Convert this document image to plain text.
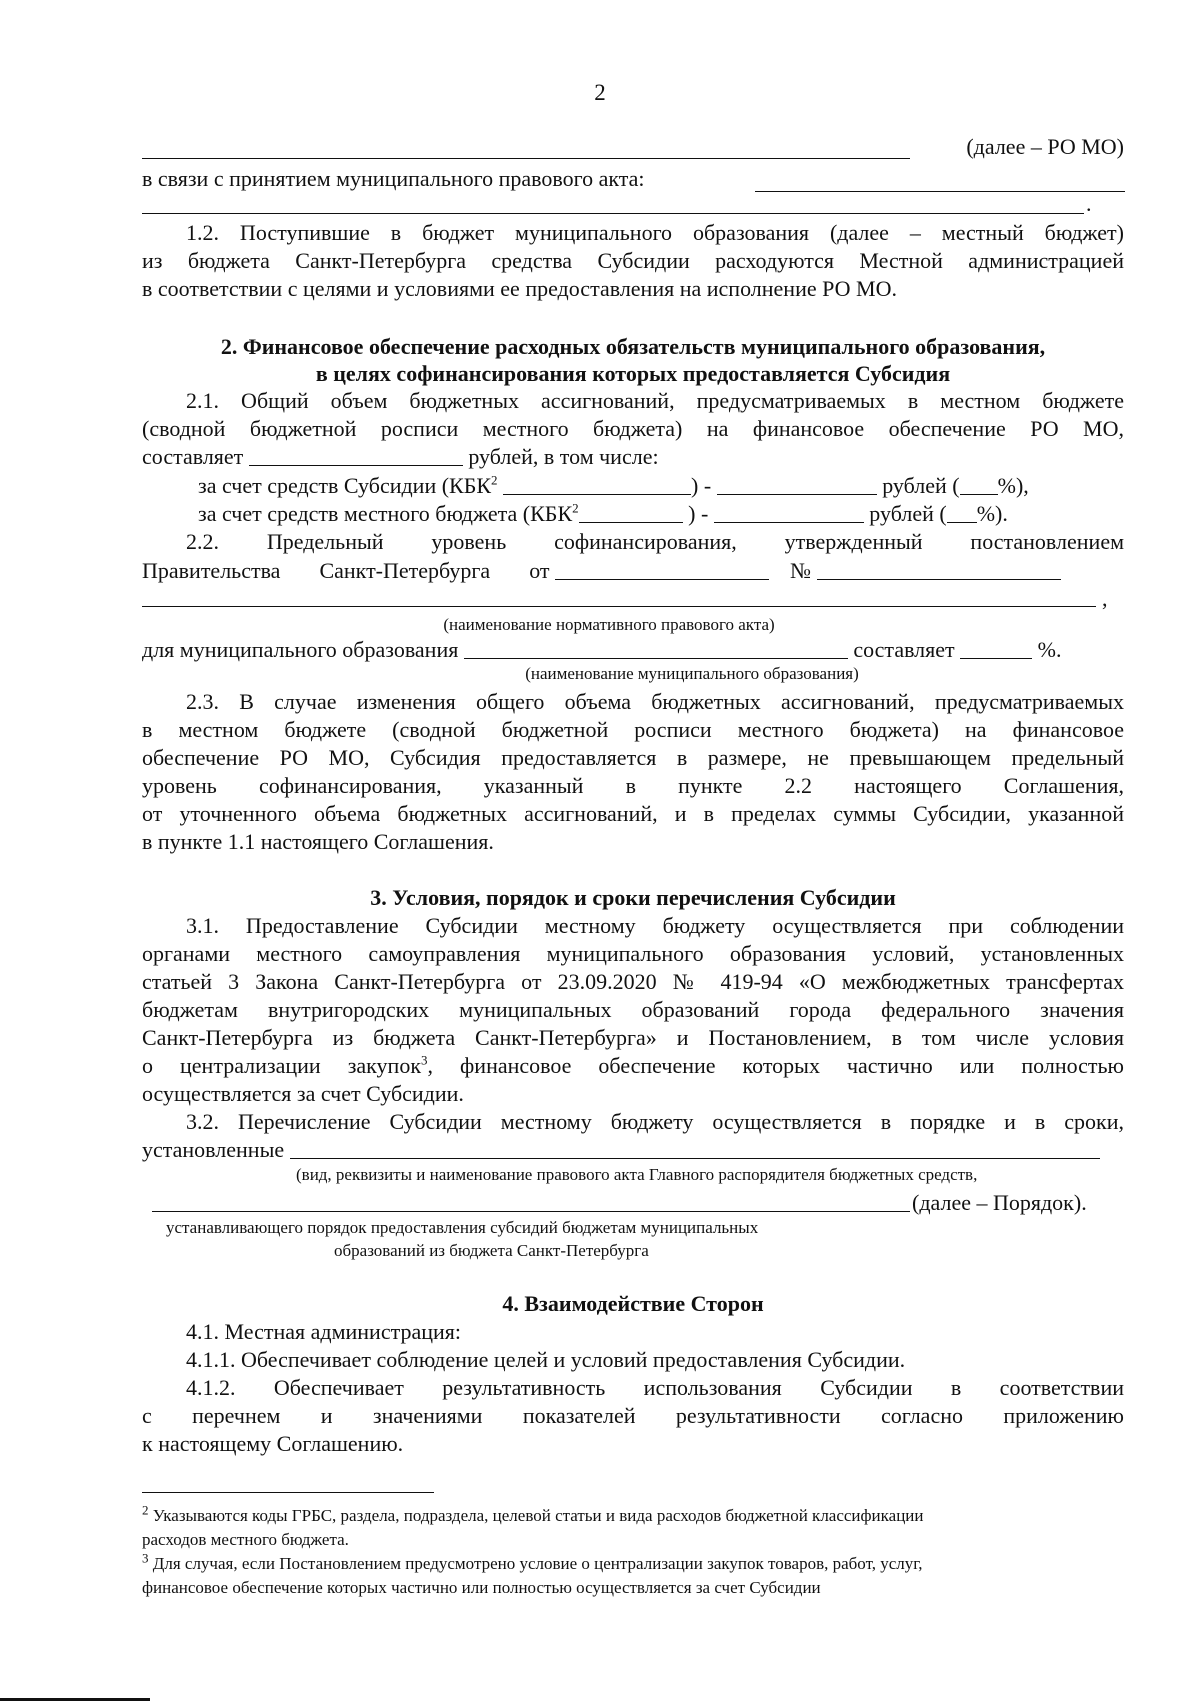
2
(далее – РО МО)
в связи с принятием муниципального правового акта:
.
1.2. Поступившие в бюджет муниципального образования (далее – местный бюджет)
из бюджета Санкт-Петербурга средства Субсидии расходуются Местной администрацией
в соответствии с целями и условиями ее предоставления на исполнение РО МО.
2. Финансовое обеспечение расходных обязательств муниципального образования,
в целях софинансирования которых предоставляется Субсидия
2.1. Общий объем бюджетных ассигнований, предусматриваемых в местном бюджете
(сводной бюджетной росписи местного бюджета) на финансовое обеспечение РО МО,
составляет	рублей, в том числе:
за счет средств Субсидии (КБК$^2$	) -	рублей ( %),
за счет средств местного бюджета (КБК$^2$	) -	рублей ( %).
2.2. Предельный уровень софинансирования, утвержденный постановлением
Правительства Санкт-Петербурга от	№
,
(наименование нормативного правового акта)
для муниципального образования	составляет	%.
(наименование муниципального образования)
2.3. В случае изменения общего объема бюджетных ассигнований, предусматриваемых
в местном бюджете (сводной бюджетной росписи местного бюджета) на финансовое
обеспечение РО МО, Субсидия предоставляется в размере, не превышающем предельный
уровень софинансирования, указанный в пункте 2.2 настоящего Соглашения,
от уточненного объема бюджетных ассигнований, и в пределах суммы Субсидии, указанной
в пункте 1.1 настоящего Соглашения.
3. Условия, порядок и сроки перечисления Субсидии
3.1. Предоставление Субсидии местному бюджету осуществляется при соблюдении
органами местного самоуправления муниципального образования условий, установленных
статьей 3 Закона Санкт-Петербурга от 23.09.2020 № 419-94 «О межбюджетных трансфертах
бюджетам внутригородских муниципальных образований города федерального значения
Санкт-Петербурга из бюджета Санкт-Петербурга» и Постановлением, в том числе условия
о централизации закупок$^3$, финансовое обеспечение которых частично или полностью
осуществляется за счет Субсидии.
3.2. Перечисление Субсидии местному бюджету осуществляется в порядке и в сроки,
установленные
(вид, реквизиты и наименование правового акта Главного распорядителя бюджетных средств,
(далее – Порядок).
устанавливающего порядок предоставления субсидий бюджетам муниципальных
образований из бюджета Санкт-Петербурга
4. Взаимодействие Сторон
4.1. Местная администрация:
4.1.1. Обеспечивает соблюдение целей и условий предоставления Субсидии.
4.1.2. Обеспечивает результативность использования Субсидии в соответствии
с перечнем и значениями показателей результативности согласно приложению
к настоящему Соглашению.
$^2$ Указываются коды ГРБС, раздела, подраздела, целевой статьи и вида расходов бюджетной классификации
расходов местного бюджета.
$^3$ Для случая, если Постановлением предусмотрено условие о централизации закупок товаров, работ, услуг,
финансовое обеспечение которых частично или полностью осуществляется за счет Субсидии
